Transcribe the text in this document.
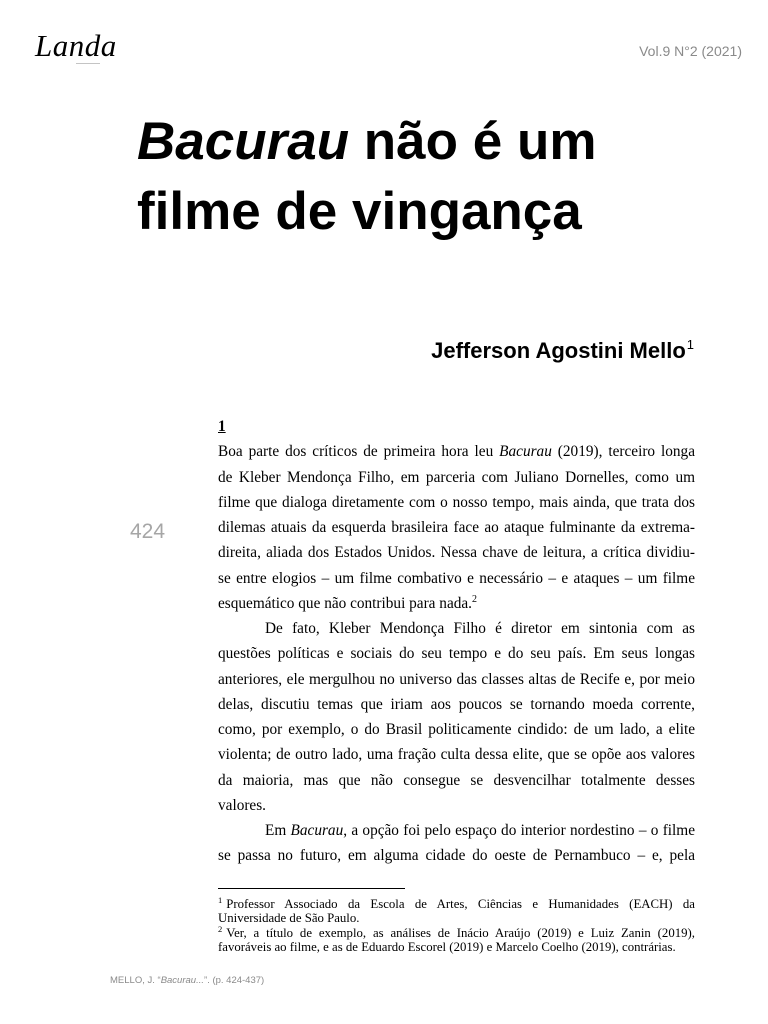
Landa	Vol.9 N°2 (2021)
Bacurau não é um
filme de vingança
Jefferson Agostini Mello$^1$
424
1
Boa parte dos críticos de primeira hora leu Bacurau (2019), terceiro longa
de Kleber Mendonça Filho, em parceria com Juliano Dornelles, como um
filme que dialoga diretamente com o nosso tempo, mais ainda, que trata dos
dilemas atuais da esquerda brasileira face ao ataque fulminante da extrema-
direita, aliada dos Estados Unidos. Nessa chave de leitura, a crítica dividiu-
se entre elogios – um filme combativo e necessário – e ataques – um filme
esquemático que não contribui para nada.$^2$
De fato, Kleber Mendonça Filho é diretor em sintonia com as
questões políticas e sociais do seu tempo e do seu país. Em seus longas
anteriores, ele mergulhou no universo das classes altas de Recife e, por meio
delas, discutiu temas que iriam aos poucos se tornando moeda corrente,
como, por exemplo, o do Brasil politicamente cindido: de um lado, a elite
violenta; de outro lado, uma fração culta dessa elite, que se opõe aos valores
da maioria, mas que não consegue se desvencilhar totalmente desses
valores.
Em Bacurau, a opção foi pelo espaço do interior nordestino – o filme
se passa no futuro, em alguma cidade do oeste de Pernambuco – e, pela
$^1$ Professor Associado da Escola de Artes, Ciências e Humanidades (EACH) da
Universidade de São Paulo.
$^2$ Ver, a título de exemplo, as análises de Inácio Araújo (2019) e Luiz Zanin (2019),
favoráveis ao filme, e as de Eduardo Escorel (2019) e Marcelo Coelho (2019), contrárias.
MELLO, J. “Bacurau...”. (p. 424-437)
